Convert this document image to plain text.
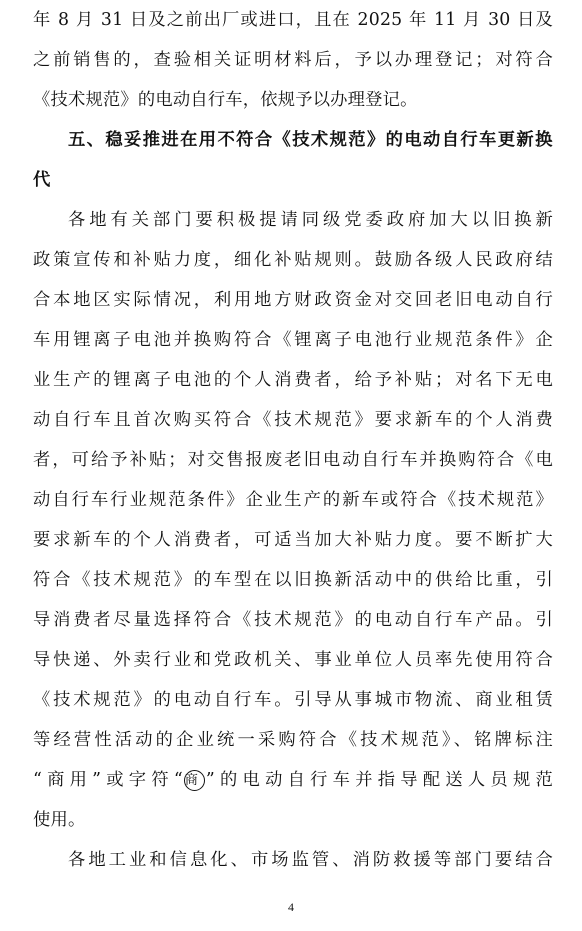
年 8 月 31 日及之前出厂或进口，且在 2025 年 11 月 30 日及
之前销售的，查验相关证明材料后，予以办理登记；对符合
《技术规范》的电动自行车，依规予以办理登记。
五、稳妥推进在用不符合《技术规范》的电动自行车更新换
代
各地有关部门要积极提请同级党委政府加大以旧换新
政策宣传和补贴力度，细化补贴规则。鼓励各级人民政府结
合本地区实际情况，利用地方财政资金对交回老旧电动自行
车用锂离子电池并换购符合《锂离子电池行业规范条件》企
业生产的锂离子电池的个人消费者，给予补贴；对名下无电
动自行车且首次购买符合《技术规范》要求新车的个人消费
者，可给予补贴；对交售报废老旧电动自行车并换购符合《电
动自行车行业规范条件》企业生产的新车或符合《技术规范》
要求新车的个人消费者，可适当加大补贴力度。要不断扩大
符合《技术规范》的车型在以旧换新活动中的供给比重，引
导消费者尽量选择符合《技术规范》的电动自行车产品。引
导快递、外卖行业和党政机关、事业单位人员率先使用符合
《技术规范》的电动自行车。引导从事城市物流、商业租赁
等经营性活动的企业统一采购符合《技术规范》、铭牌标注
“商用”或字符“ 商 ”的电动自行车并指导配送人员规范
使用。
各地工业和信息化、市场监管、消防救援等部门要结合
4
